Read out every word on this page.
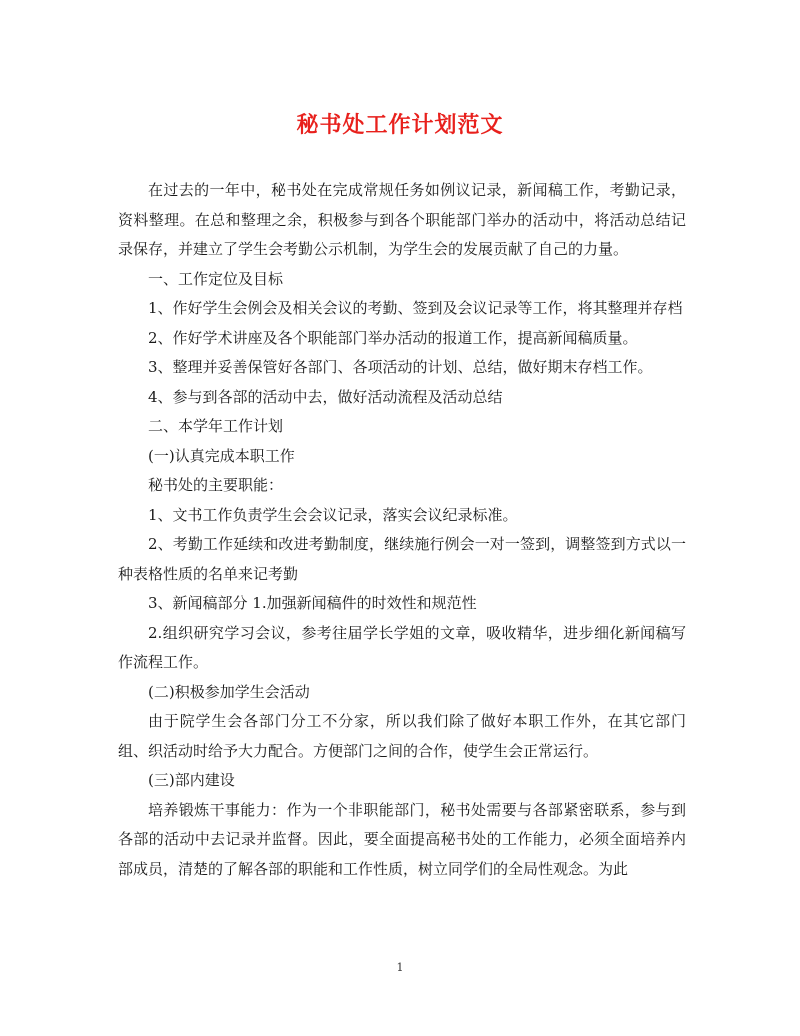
秘书处工作计划范文

在过去的一年中，秘书处在完成常规任务如例议记录，新闻稿工作，考勤记录，资料整理。在总和整理之余，积极参与到各个职能部门举办的活动中，将活动总结记录保存，并建立了学生会考勤公示机制，为学生会的发展贡献了自己的力量。

一、工作定位及目标

1、作好学生会例会及相关会议的考勤、签到及会议记录等工作，将其整理并存档

2、作好学术讲座及各个职能部门举办活动的报道工作，提高新闻稿质量。

3、整理并妥善保管好各部门、各项活动的计划、总结，做好期末存档工作。

4、参与到各部的活动中去，做好活动流程及活动总结

二、本学年工作计划

(一)认真完成本职工作

秘书处的主要职能：

1、文书工作负责学生会会议记录，落实会议纪录标准。

2、考勤工作延续和改进考勤制度，继续施行例会一对一签到，调整签到方式以一种表格性质的名单来记考勤

3、新闻稿部分 1.加强新闻稿件的时效性和规范性

2.组织研究学习会议，参考往届学长学姐的文章，吸收精华，进步细化新闻稿写作流程工作。

(二)积极参加学生会活动

由于院学生会各部门分工不分家，所以我们除了做好本职工作外，在其它部门组、织活动时给予大力配合。方便部门之间的合作，使学生会正常运行。

(三)部内建设

培养锻炼干事能力：作为一个非职能部门，秘书处需要与各部紧密联系，参与到各部的活动中去记录并监督。因此，要全面提高秘书处的工作能力，必须全面培养内部成员，清楚的了解各部的职能和工作性质，树立同学们的全局性观念。为此

1
